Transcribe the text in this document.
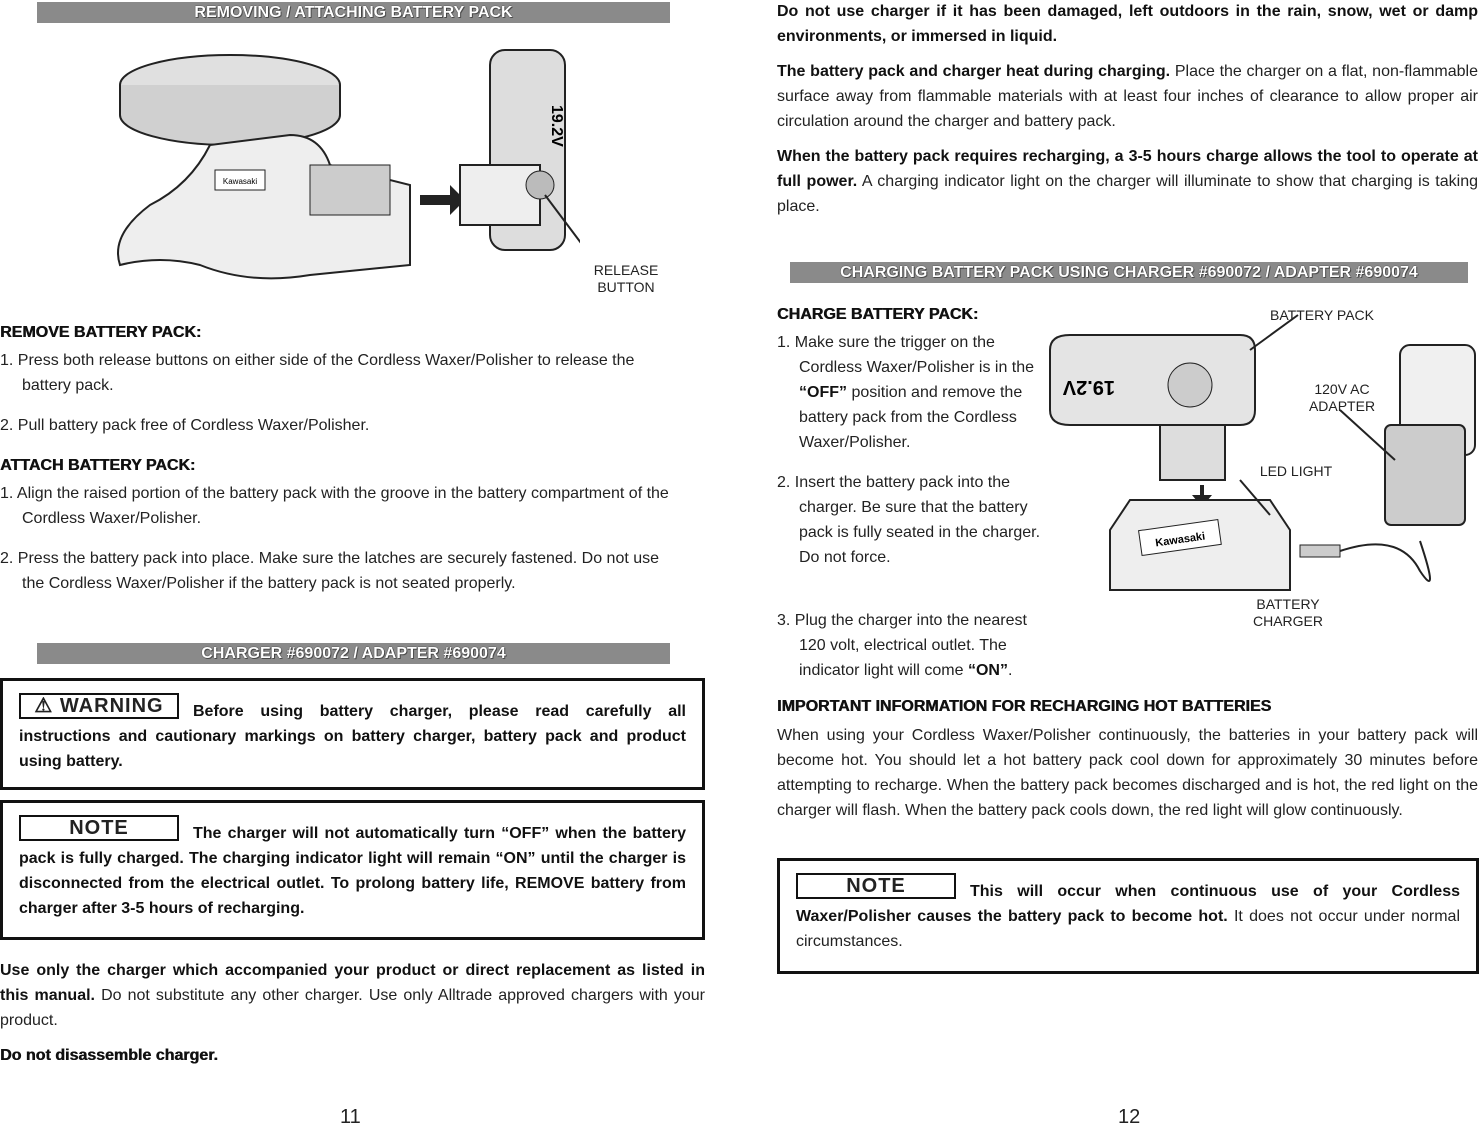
REMOVING / ATTACHING BATTERY PACK
Kawasaki
19.2V
RELEASE BUTTON
REMOVE BATTERY PACK:
1. Press both release buttons on either side of the Cordless Waxer/Polisher to release the battery pack.
2. Pull battery pack free of Cordless Waxer/Polisher.
ATTACH BATTERY PACK:
1. Align the raised portion of the battery pack with the groove in the battery compartment of the Cordless Waxer/Polisher.
2. Press the battery pack into place. Make sure the latches are securely fastened. Do not use the Cordless Waxer/Polisher if the battery pack is not seated properly.
CHARGER #690072 / ADAPTER #690074
⚠ WARNING	Before using battery charger, please read carefully all instructions and cautionary markings on battery charger, battery pack and product using battery.
NOTE	The charger will not automatically turn “OFF” when the battery pack is fully charged. The charging indicator light will remain “ON” until the charger is disconnected from the electrical outlet. To prolong battery life, REMOVE battery from charger after 3-5 hours of recharging.
Use only the charger which accompanied your product or direct replacement as listed in this manual. Do not substitute any other charger. Use only Alltrade approved chargers with your product.
Do not disassemble charger.
11

Do not use charger if it has been damaged, left outdoors in the rain, snow, wet or damp environments, or immersed in liquid.

The battery pack and charger heat during charging. Place the charger on a flat, non-flammable surface away from flammable materials with at least four inches of clearance to allow proper air circulation around the charger and battery pack.

When the battery pack requires recharging, a 3-5 hours charge allows the tool to operate at full power. A charging indicator light on the charger will illuminate to show that charging is taking place.

CHARGING BATTERY PACK USING CHARGER #690072 / ADAPTER #690074
CHARGE BATTERY PACK:
1. Make sure the trigger on the Cordless Waxer/Polisher is in the “OFF” position and remove the battery pack from the Cordless Waxer/Polisher.
2. Insert the battery pack into the charger. Be sure that the battery pack is fully seated in the charger. Do not force.
3. Plug the charger into the nearest 120 volt, electrical outlet. The indicator light will come “ON”.
19.2V
Kawasaki
BATTERY PACK
120V AC ADAPTER
LED LIGHT
BATTERY CHARGER
IMPORTANT INFORMATION FOR RECHARGING HOT BATTERIES

When using your Cordless Waxer/Polisher continuously, the batteries in your battery pack will become hot. You should let a hot battery pack cool down for approximately 30 minutes before attempting to recharge. When the battery pack becomes discharged and is hot, the red light on the charger will flash. When the battery pack cools down, the red light will glow continuously.

NOTE	This will occur when continuous use of your Cordless Waxer/Polisher causes the battery pack to become hot. It does not occur under normal circumstances.
12
